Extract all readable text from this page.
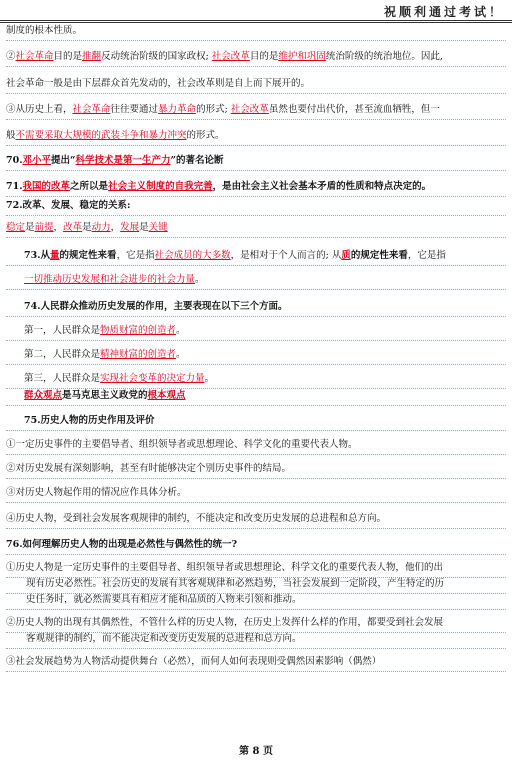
祝顺利通过考试！
制度的根本性质。
②社会革命目的是推翻反动统治阶级的国家政权; 社会改革目的是维护和巩固统治阶级的统治地位。因此,
社会革命一般是由下层群众首先发动的，社会改革则是自上而下展开的。
③从历史上看，社会革命往往要通过暴力革命的形式; 社会改革虽然也要付出代价，甚至流血牺牲，但一
般不需要采取大规模的武装斗争和暴力冲突的形式。
70.邓小平提出“科学技术是第一生产力”的著名论断
71.我国的改革之所以是社会主义制度的自我完善，是由社会主义社会基本矛盾的性质和特点决定的。
72.改革、发展、稳定的关系:
稳定是前提，改革是动力，发展是关键
73.从量的规定性来看，它是指社会成员的大多数，是相对于个人而言的; 从质的规定性来看，它是指
一切推动历史发展和社会进步的社会力量。
74.人民群众推动历史发展的作用，主要表现在以下三个方面。
第一，人民群众是物质财富的创造者。
第二，人民群众是精神财富的创造者。
第三，人民群众是实现社会变革的决定力量。
群众观点是马克思主义政党的根本观点
75.历史人物的历史作用及评价
①一定历史事件的主要倡导者、组织领导者或思想理论、科学文化的重要代表人物。
②对历史发展有深刻影响，甚至有时能够决定个别历史事件的结局。
③对历史人物起作用的情况应作具体分析。
④历史人物，受到社会发展客观规律的制约，不能决定和改变历史发展的总进程和总方向。
76.如何理解历史人物的出现是必然性与偶然性的统一?
①历史人物是一定历史事件的主要倡导者、组织领导者或思想理论、科学文化的重要代表人物，他们的出
现有历史必然性。社会历史的发展有其客观规律和必然趋势，当社会发展到一定阶段，产生特定的历
史任务时，就必然需要具有相应才能和品质的人物来引领和推动。
②历史人物的出现有其偶然性，不管什么样的历史人物，在历史上发挥什么样的作用，都要受到社会发展
客观规律的制约，而不能决定和改变历史发展的总进程和总方向。
③社会发展趋势为人物活动提供舞台（必然），而何人如何表现则受偶然因素影响（偶然）
第 8 页
